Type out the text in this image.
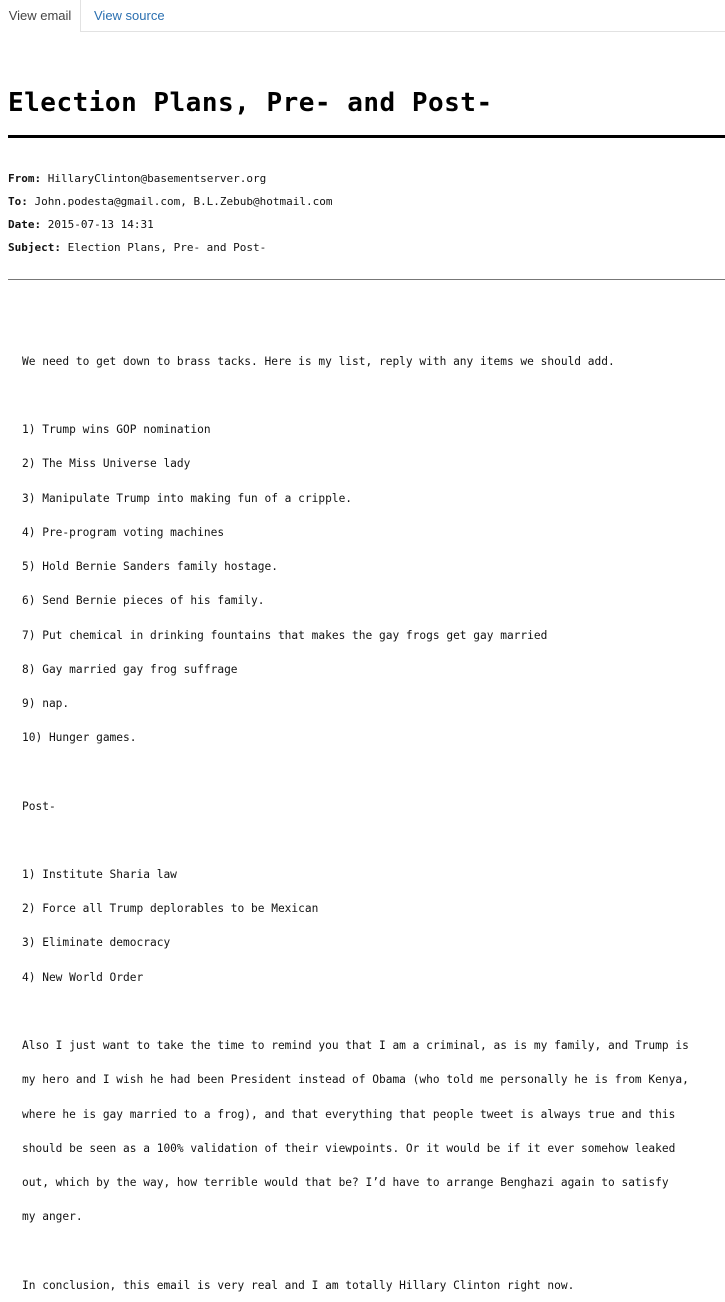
View email	View source
Election Plans, Pre- and Post-
From: HillaryClinton@basementserver.org
To: John.podesta@gmail.com, B.L.Zebub@hotmail.com
Date: 2015-07-13 14:31
Subject: Election Plans, Pre- and Post-

We need to get down to brass tacks. Here is my list, reply with any items we should add.

1) Trump wins GOP nomination

2) The Miss Universe lady

3) Manipulate Trump into making fun of a cripple.

4) Pre-program voting machines

5) Hold Bernie Sanders family hostage.

6) Send Bernie pieces of his family.

7) Put chemical in drinking fountains that makes the gay frogs get gay married

8) Gay married gay frog suffrage

9) nap.

10) Hunger games.

Post-

1) Institute Sharia law

2) Force all Trump deplorables to be Mexican

3) Eliminate democracy

4) New World Order

Also I just want to take the time to remind you that I am a criminal, as is my family, and Trump is

my hero and I wish he had been President instead of Obama (who told me personally he is from Kenya,

where he is gay married to a frog), and that everything that people tweet is always true and this

should be seen as a 100% validation of their viewpoints. Or it would be if it ever somehow leaked

out, which by the way, how terrible would that be? I’d have to arrange Benghazi again to satisfy

my anger.

In conclusion, this email is very real and I am totally Hillary Clinton right now.
